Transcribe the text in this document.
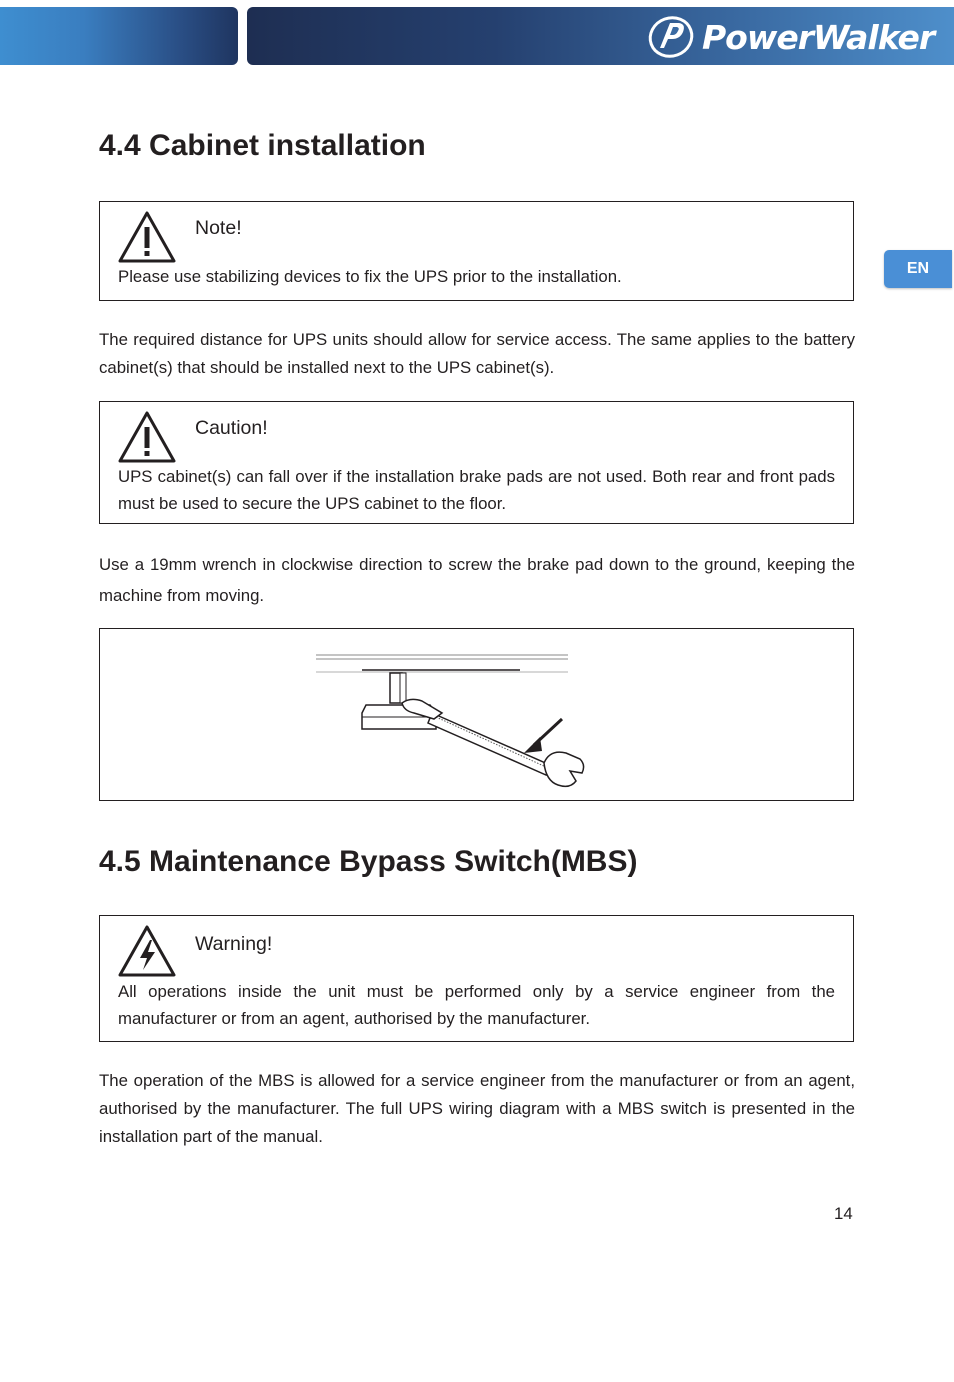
PowerWalker
EN
4.4 Cabinet installation
Note!
Please use stabilizing devices to fix the UPS prior to the installation.

The required distance for UPS units should allow for service access. The same applies to the battery cabinet(s) that should be installed next to the UPS cabinet(s).

Caution!
UPS cabinet(s) can fall over if the installation brake pads are not used. Both rear and front pads must be used to secure the UPS cabinet to the floor.

Use a 19mm wrench in clockwise direction to screw the brake pad down to the ground, keeping the machine from moving.

4.5 Maintenance Bypass Switch(MBS)
Warning!
All operations inside the unit must be performed only by a service engineer from the manufacturer or from an agent, authorised by the manufacturer.

The operation of the MBS is allowed for a service engineer from the manufacturer or from an agent, authorised by the manufacturer. The full UPS wiring diagram with a MBS switch is presented in the installation part of the manual.

14
